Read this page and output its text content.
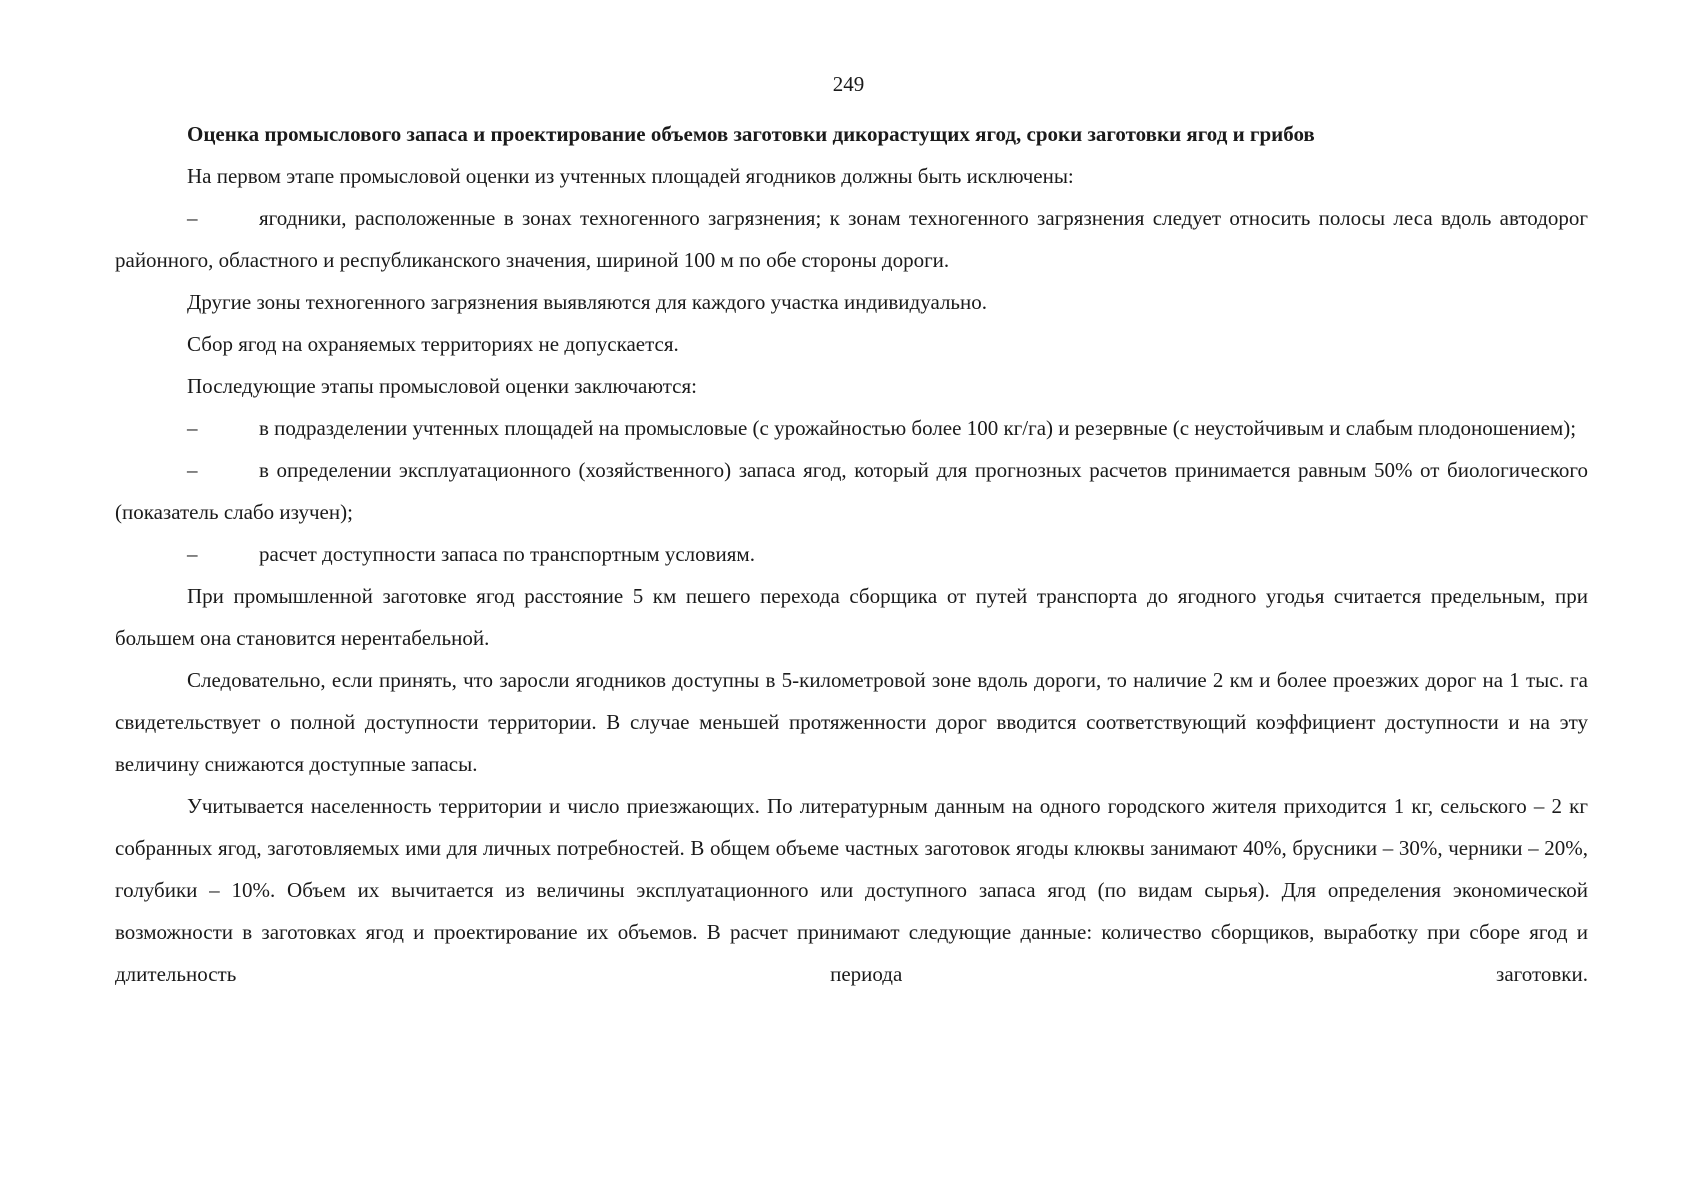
249

Оценка промыслового запаса и проектирование объемов заготовки дикорастущих ягод, сроки заготовки ягод и грибов

На первом этапе промысловой оценки из учтенных площадей ягодников должны быть исключены:

–	ягодники, расположенные в зонах техногенного загрязнения; к зонам техногенного загрязнения следует относить полосы леса вдоль автодорог районного, областного и республиканского значения, шириной 100 м по обе стороны дороги.

Другие зоны техногенного загрязнения выявляются для каждого участка индивидуально.

Сбор ягод на охраняемых территориях не допускается.

Последующие этапы промысловой оценки заключаются:

–	в подразделении учтенных площадей на промысловые (с урожайностью более 100 кг/га) и резервные (с неустойчивым и слабым плодоношением);

–	в определении эксплуатационного (хозяйственного) запаса ягод, который для прогнозных расчетов принимается равным 50% от биологического (показатель слабо изучен);

–	расчет доступности запаса по транспортным условиям.

При промышленной заготовке ягод расстояние 5 км пешего перехода сборщика от путей транспорта до ягодного угодья считается предельным, при большем она становится нерентабельной.

Следовательно, если принять, что заросли ягодников доступны в 5-километровой зоне вдоль дороги, то наличие 2 км и более проезжих дорог на 1 тыс. га свидетельствует о полной доступности территории. В случае меньшей протяженности дорог вводится соответствующий коэффициент доступности и на эту величину снижаются доступные запасы.

Учитывается населенность территории и число приезжающих. По литературным данным на одного городского жителя приходится 1 кг, сельского – 2 кг собранных ягод, заготовляемых ими для личных потребностей. В общем объеме частных заготовок ягоды клюквы занимают 40%, брусники – 30%, черники – 20%, голубики – 10%. Объем их вычитается из величины эксплуатационного или доступного запаса ягод (по видам сырья). Для определения экономической возможности в заготовках ягод и проектирование их объемов. В расчет принимают следующие данные: количество сборщиков, выработку при сборе ягод и длительность периода заготовки.
